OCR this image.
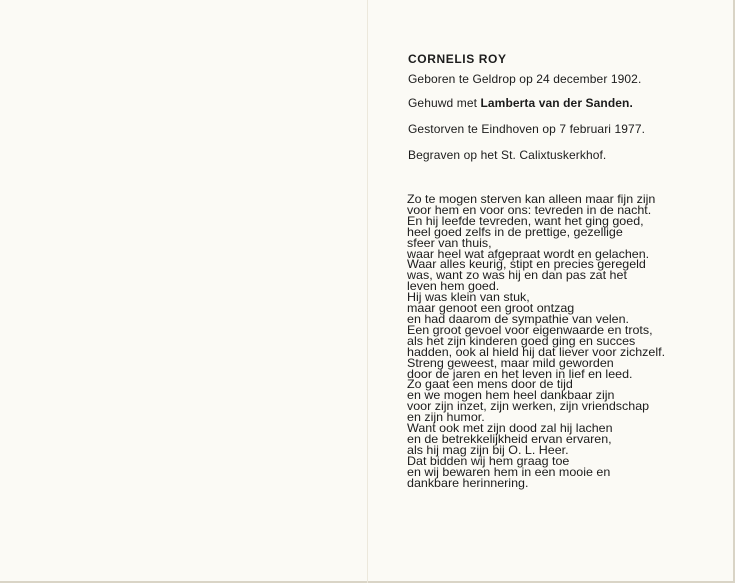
CORNELIS ROY
Geboren te Geldrop op 24 december 1902.
Gehuwd met Lamberta van der Sanden.
Gestorven te Eindhoven op 7 februari 1977.
Begraven op het St. Calixtuskerkhof.
Zo te mogen sterven kan alleen maar fijn zijn
voor hem en voor ons: tevreden in de nacht.
En hij leefde tevreden, want het ging goed,
heel goed zelfs in de prettige, gezellige
sfeer van thuis,
waar heel wat afgepraat wordt en gelachen.
Waar alles keurig, stipt en precies geregeld
was, want zo was hij en dan pas zat het
leven hem goed.
Hij was klein van stuk,
maar genoot een groot ontzag
en had daarom de sympathie van velen.
Een groot gevoel voor eigenwaarde en trots,
als het zijn kinderen goed ging en succes
hadden, ook al hield hij dat liever voor zichzelf.
Streng geweest, maar mild geworden
door de jaren en het leven in lief en leed.
Zo gaat een mens door de tijd
en we mogen hem heel dankbaar zijn
voor zijn inzet, zijn werken, zijn vriendschap
en zijn humor.
Want ook met zijn dood zal hij lachen
en de betrekkelijkheid ervan ervaren,
als hij mag zijn bij O. L. Heer.
Dat bidden wij hem graag toe
en wij bewaren hem in een mooie en
dankbare herinnering.
